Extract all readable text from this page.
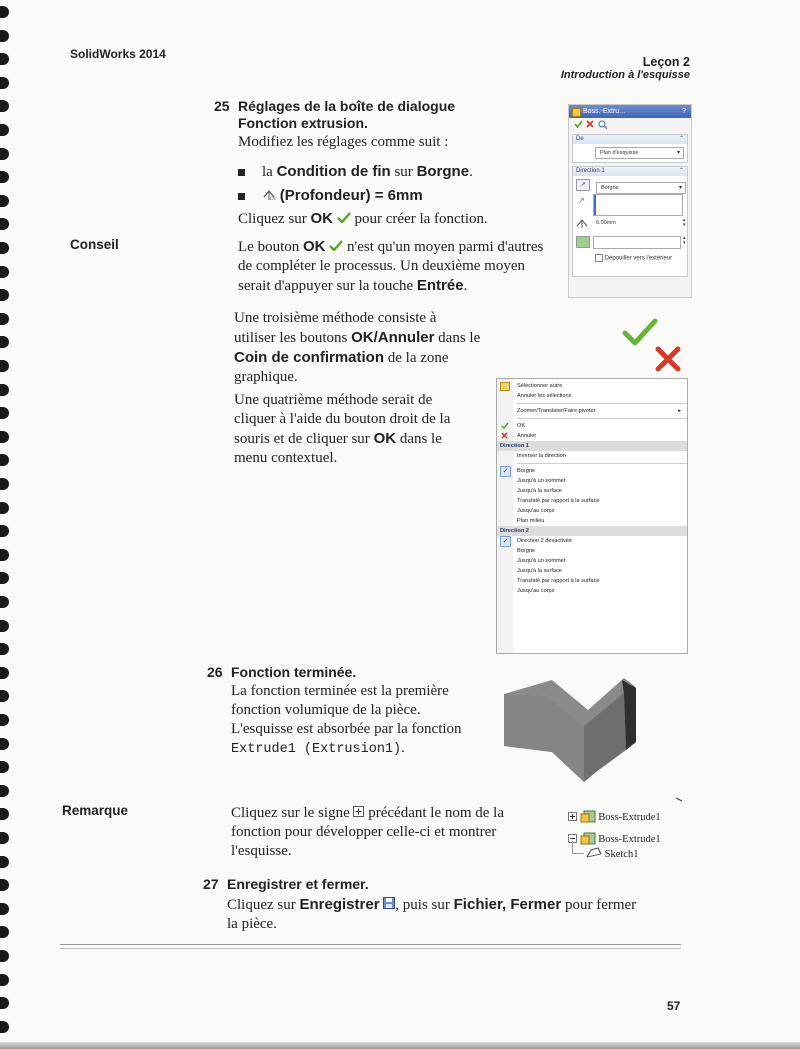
SolidWorks 2014
Leçon 2
Introduction à l'esquisse
25 Réglages de la boîte de dialogue
Fonction extrusion.
Modifiez les réglages comme suit :
la Condition de fin sur Borgne.
D1 (Profondeur) = 6mm
Cliquez sur OK  pour créer la fonction.
Boss.-Extru...	?
De	⌃
Plan d'esquisse ▾
Direction 1	⌃
↗	Borgne ▾
↗
6.00mm	▴
▾
▴
▾
Dépouiller vers l'extérieur
Conseil	Le bouton OK  n'est qu'un moyen parmi d'autres
de compléter le processus. Un deuxième moyen
serait d'appuyer sur la touche Entrée.
Une troisième méthode consiste à
utiliser les boutons OK/Annuler dans le
Coin de confirmation de la zone
graphique.
Une quatrième méthode serait de
cliquer à l'aide du bouton droit de la
souris et de cliquer sur OK dans le
menu contextuel.
Sélectionner autre
Annuler les sélections
Zoomer/Translater/Faire pivoter	▸
OK
Annuler
Direction 1
Inverser la direction
✓	Borgne
Jusqu'à un sommet
Jusqu'à la surface
Translaté par rapport à la surface
Jusqu'au corps
Plan milieu
Direction 2
✓	Direction 2 désactivée
Borgne
Jusqu'à un sommet
Jusqu'à la surface
Translaté par rapport à la surface
Jusqu'au corps
26 Fonction terminée.
La fonction terminée est la première
fonction volumique de la pièce.
L'esquisse est absorbée par la fonction
Extrude1 (Extrusion1).
Remarque	Cliquez sur le signe  précédant le nom de la
fonction pour développer celle-ci et montrer
l'esquisse.
Boss-Extrude1
Boss-Extrude1
Sketch1
27 Enregistrer et fermer.
Cliquez sur Enregistrer , puis sur Fichier, Fermer pour fermer
la pièce.
57
